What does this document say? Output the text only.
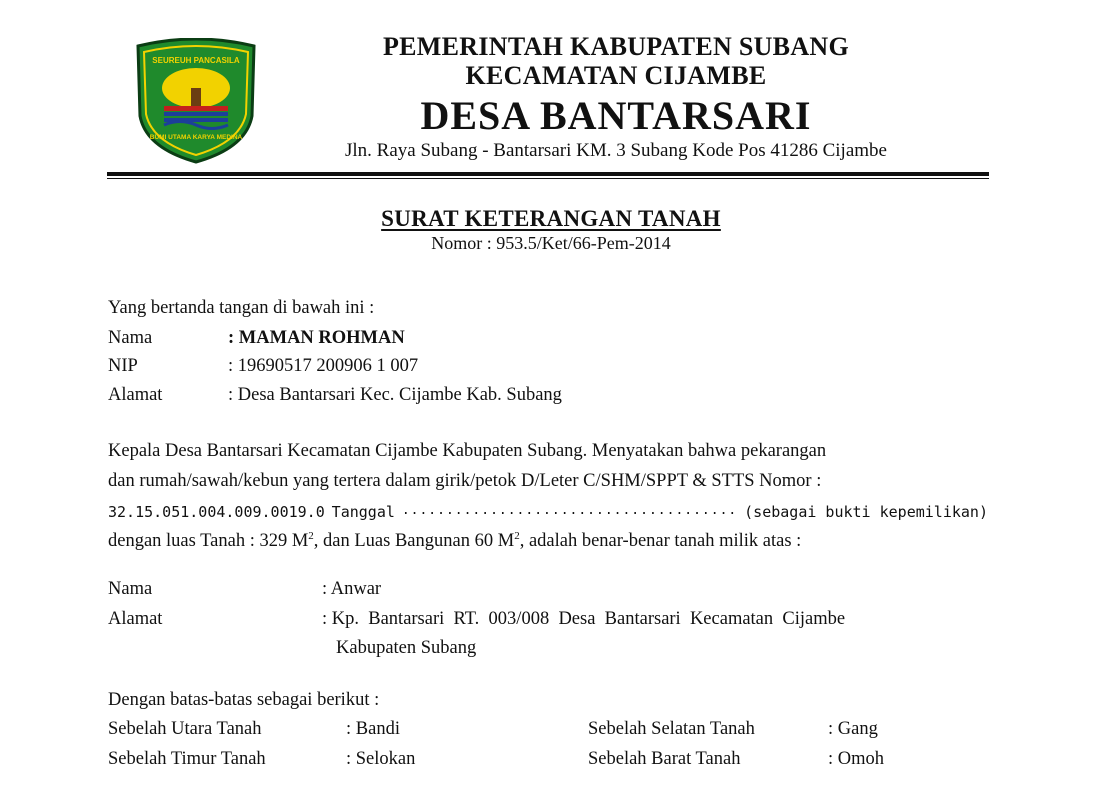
SEUREUH PANCASILA
BUMI UTAMA KARYA MEDINA
PEMERINTAH KABUPATEN SUBANG
KECAMATAN CIJAMBE
DESA BANTARSARI
Jln. Raya Subang - Bantarsari KM. 3 Subang Kode Pos 41286 Cijambe
SURAT KETERANGAN TANAH
Nomor : 953.5/Ket/66-Pem-2014
Yang bertanda tangan di bawah ini :
Nama	: MAMAN ROHMAN
NIP	: 19690517 200906 1 007
Alamat	: Desa Bantarsari Kec. Cijambe Kab. Subang
Kepala Desa Bantarsari Kecamatan Cijambe Kabupaten Subang. Menyatakan bahwa pekarangan
dan rumah/sawah/kebun yang tertera dalam girik/petok D/Leter C/SHM/SPPT & STTS Nomor :
32.15.051.004.009.0019.0 Tanggal ...................................... (sebagai bukti kepemilikan)
dengan luas Tanah : 329 $M^2$, dan Luas Bangunan 60 $M^2$, adalah benar-benar tanah milik atas :
Nama	: Anwar
Alamat	: Kp.  Bantarsari  RT.  003/008  Desa  Bantarsari  Kecamatan  Cijambe
Kabupaten Subang
Dengan batas-batas sebagai berikut :
Sebelah Utara Tanah	: Bandi	Sebelah Selatan Tanah	: Gang
Sebelah Timur Tanah	: Selokan	Sebelah Barat Tanah	: Omoh
